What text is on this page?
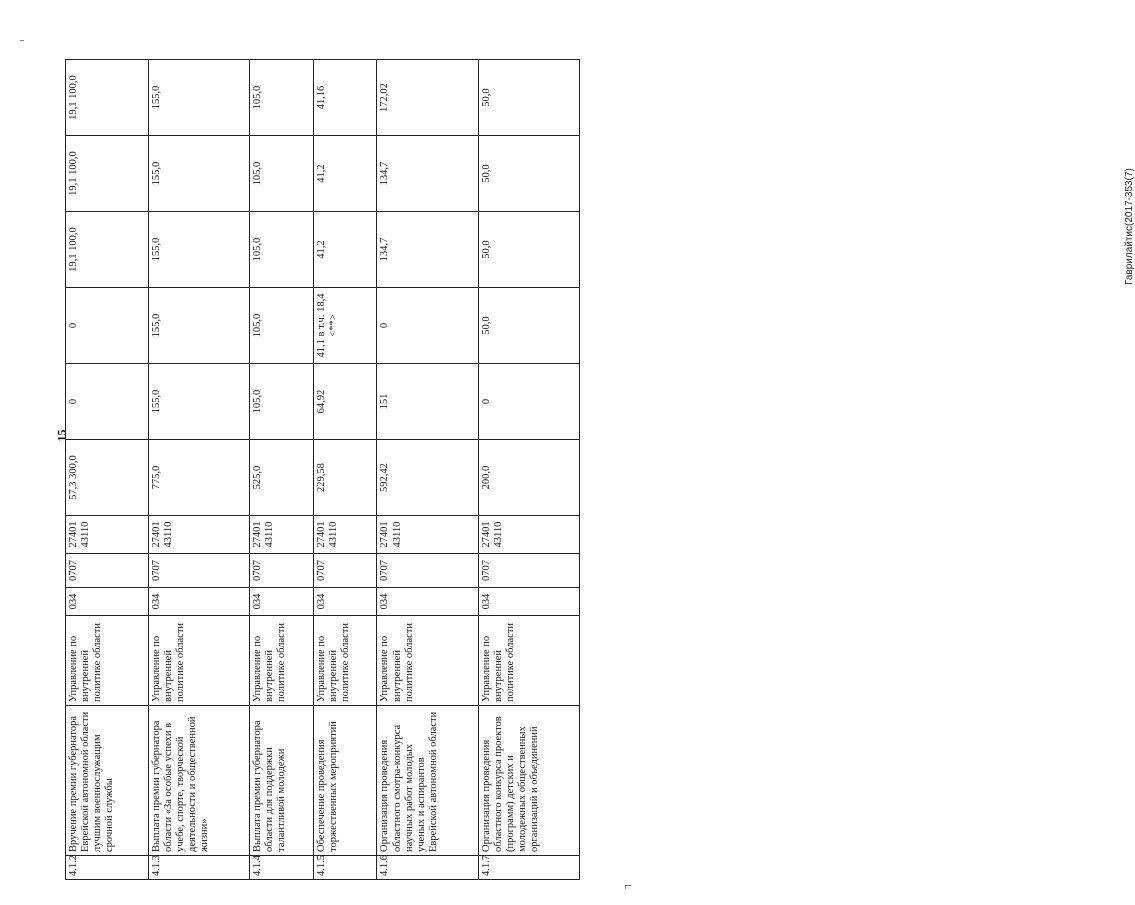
15
Гаврилайтис(2017-353(7)
4.1.2	Вручение премии губернатора Еврейской автономной области лучшим военнослужащим срочной службы	Управление по внутренней политике области	034	0707	27401 43110	57,3 300,0	0	0	19,1 100,0	19,1 100,0	19,1 100,0
4.1.3	Выплата премии губернатора области «За особые успехи в учебе, спорте, творческой деятельности и общественной жизни»	Управление по внутренней политике области	034	0707	27401 43110	775,0	155,0	155,0	155,0	155,0	155,0
4.1.4	Выплата премии губернатора области для поддержки талантливой молодежи	Управление по внутренней политике области	034	0707	27401 43110	525,0	105,0	105,0	105,0	105,0	105,0
4.1.5	Обеспечение проведения торжественных мероприятий	Управление по внутренней политике области	034	0707	27401 43110	229,58	64,92	41,1 в т.ч. 18,4 <**>	41,2	41,2	41,16
4.1.6	Организация проведения областного смотра-конкурса научных работ молодых ученых и аспирантов Еврейской автономной области	Управление по внутренней политике области	034	0707	27401 43110	592,42	151	0	134,7	134,7	172,02
4.1.7	Организация проведения областного конкурса проектов (программ) детских и молодежных общественных организаций и объединений	Управление по внутренней политике области	034	0707	27401 43110	200,0	0	50,0	50,0	50,0	50,0
⌐
